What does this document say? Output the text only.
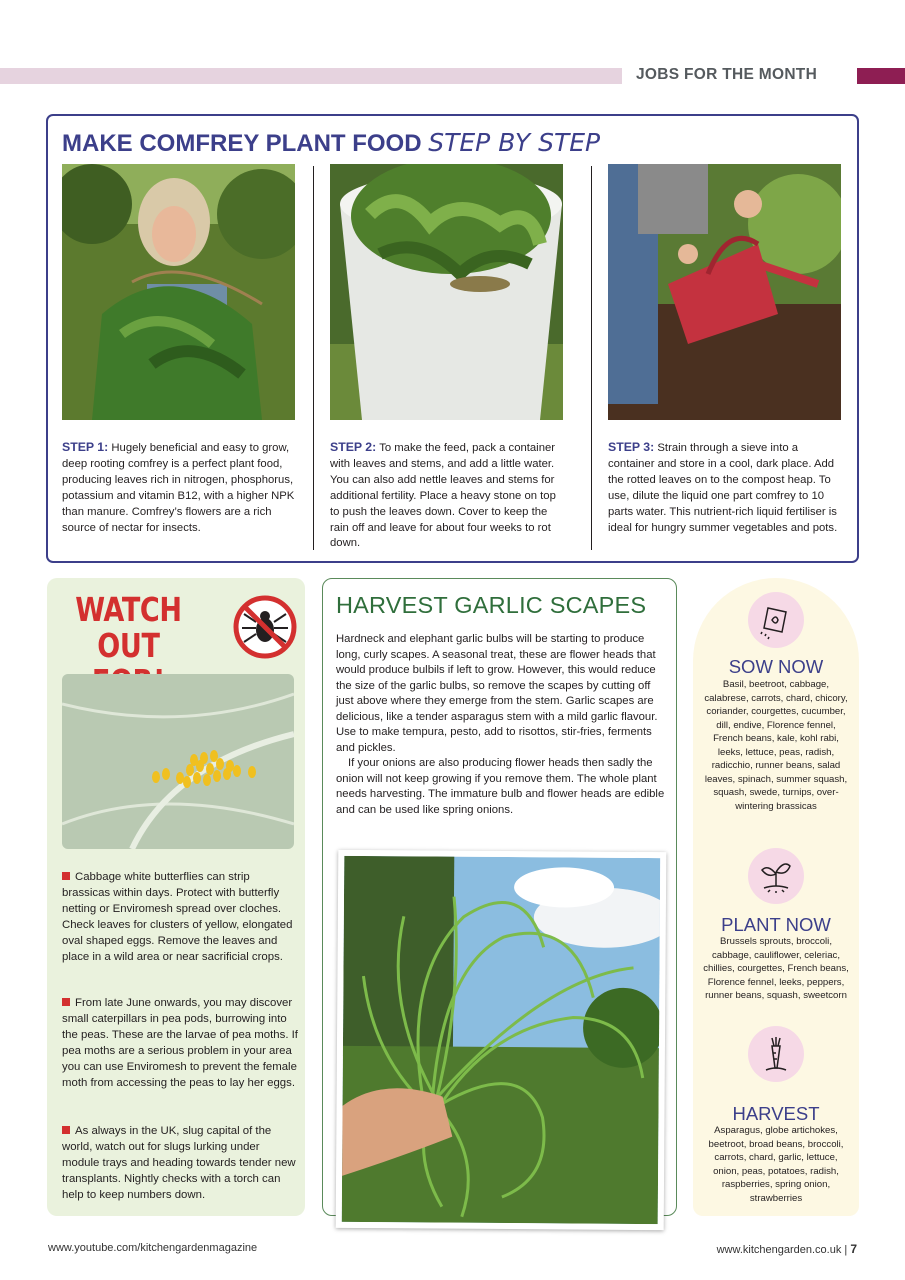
JOBS FOR THE MONTH
MAKE COMFREY PLANT FOOD STEP BY STEP
STEP 1: Hugely beneficial and easy to grow, deep rooting comfrey is a perfect plant food, producing leaves rich in nitrogen, phosphorus, potassium and vitamin B12, with a higher NPK than manure. Comfrey’s flowers are a rich source of nectar for insects.
STEP 2: To make the feed, pack a container with leaves and stems, and add a little water. You can also add nettle leaves and stems for additional fertility. Place a heavy stone on top to push the leaves down. Cover to keep the rain off and leave for about four weeks to rot down.
STEP 3: Strain through a sieve into a container and store in a cool, dark place. Add the rotted leaves on to the compost heap. To use, dilute the liquid one part comfrey to 10 parts water. This nutrient-rich liquid fertiliser is ideal for hungry summer vegetables and pots.
WATCH
OUT
Cabbage white butterflies can strip brassicas within days. Protect with butterfly netting or Enviromesh spread over cloches. Check leaves for clusters of yellow, elongated oval shaped eggs. Remove the leaves and place in a wild area or near sacrificial crops.
From late June onwards, you may discover small caterpillars in pea pods, burrowing into the peas. These are the larvae of pea moths. If pea moths are a serious problem in your area you can use Enviromesh to prevent the female moth from accessing the peas to lay her eggs.
As always in the UK, slug capital of the world, watch out for slugs lurking under module trays and heading towards tender new transplants. Nightly checks with a torch can help to keep numbers down.
HARVEST GARLIC SCAPES

Hardneck and elephant garlic bulbs will be starting to produce long, curly scapes. A seasonal treat, these are flower heads that would produce bulbils if left to grow. However, this would reduce the size of the garlic bulbs, so remove the scapes by cutting off just above where they emerge from the stem. Garlic scapes are delicious, like a tender asparagus stem with a mild garlic flavour. Use to make tempura, pesto, add to risottos, stir-fries, ferments and pickles.

If your onions are also producing flower heads then sadly the onion will not keep growing if you remove them. The whole plant needs harvesting. The immature bulb and flower heads are edible and can be used like spring onions.

SOW NOW
Basil, beetroot, cabbage, calabrese, carrots, chard, chicory, coriander, courgettes, cucumber, dill, endive, Florence fennel, French beans, kale, kohl rabi, leeks, lettuce, peas, radish, radicchio, runner beans, salad leaves, spinach, summer squash, squash, swede, turnips, over-wintering brassicas
PLANT NOW
Brussels sprouts, broccoli, cabbage, cauliflower, celeriac, chillies, courgettes, French beans, Florence fennel, leeks, peppers, runner beans, squash, sweetcorn
HARVEST
Asparagus, globe artichokes, beetroot, broad beans, broccoli, carrots, chard, garlic, lettuce, onion, peas, potatoes, radish, raspberries, spring onion, strawberries
www.youtube.com/kitchengardenmagazine	www.kitchengarden.co.uk | 7
